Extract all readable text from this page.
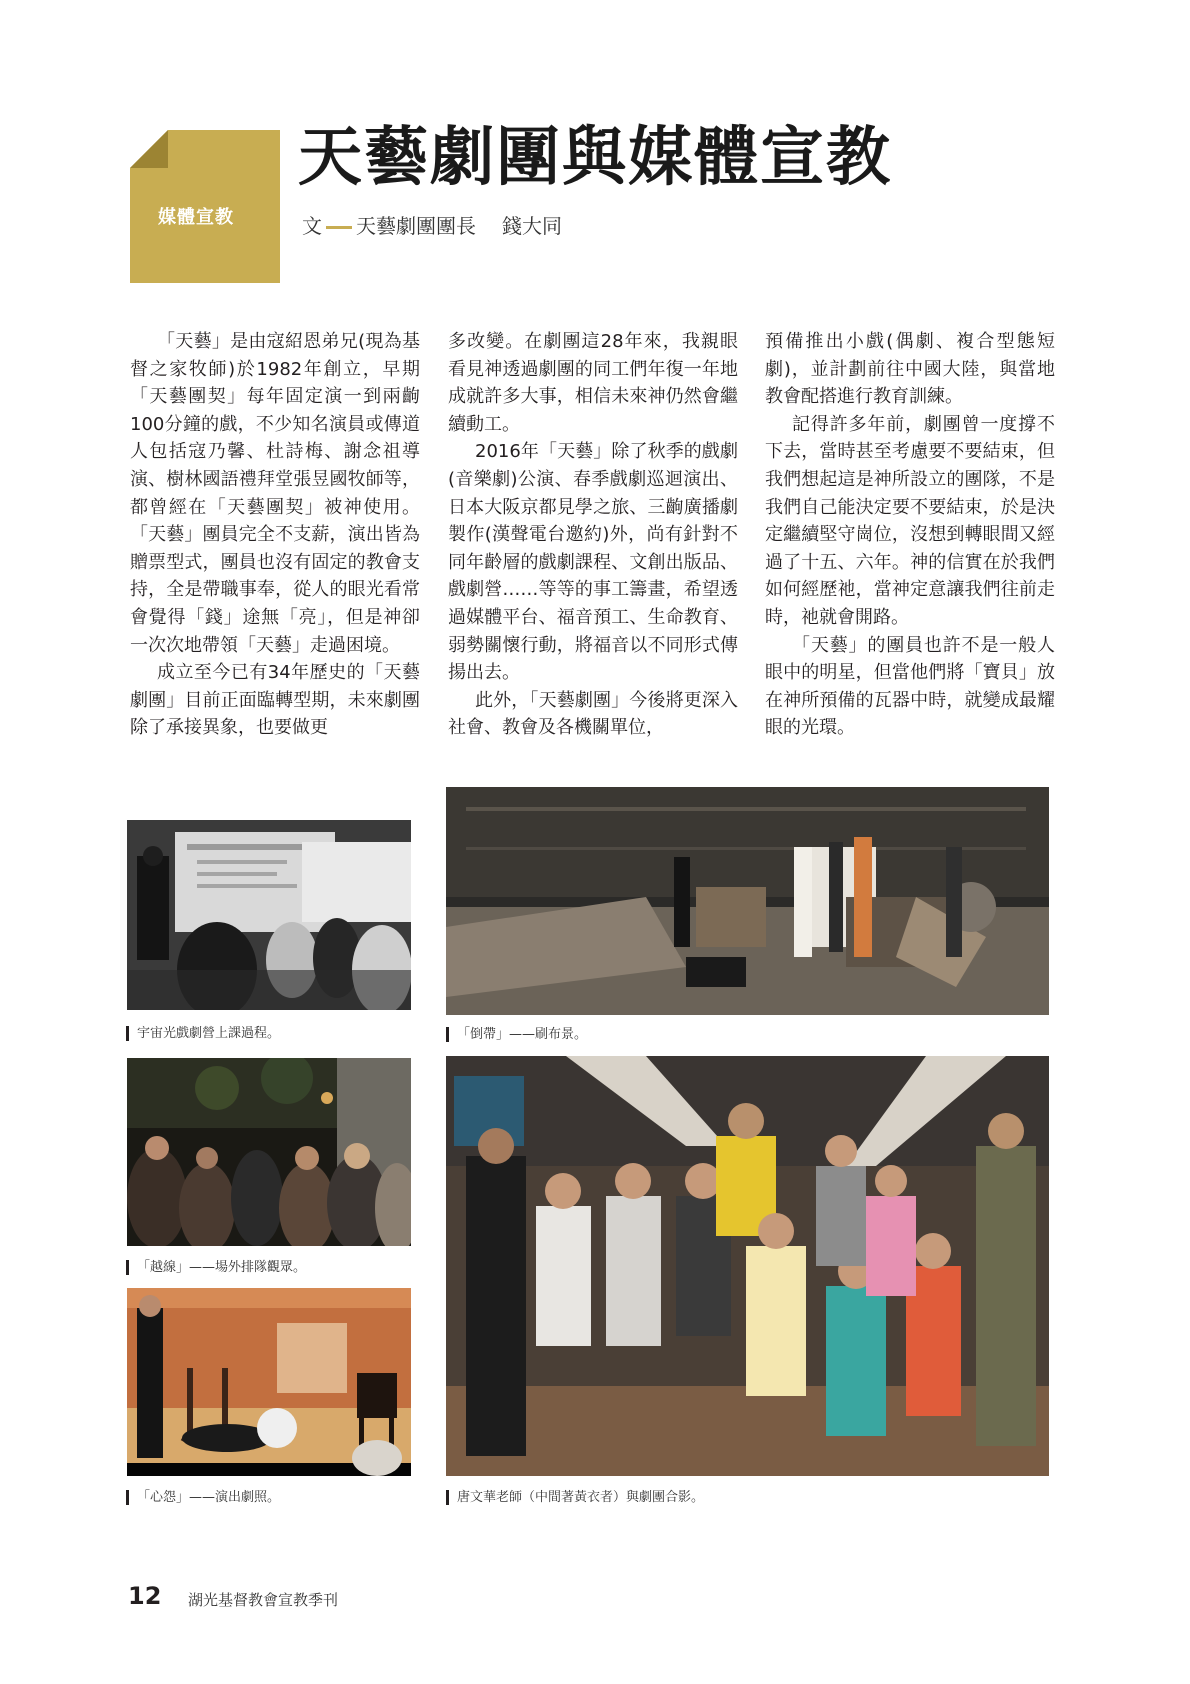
媒體宣教
天藝劇團與媒體宣教
文 天藝劇團團長 錢大同

「天藝」是由寇紹恩弟兄(現為基督之家牧師)於1982年創立，早期「天藝團契」每年固定演一到兩齣100分鐘的戲，不少知名演員或傳道人包括寇乃馨、杜詩梅、謝念祖導演、樹林國語禮拜堂張昱國牧師等，都曾經在「天藝團契」被神使用。「天藝」團員完全不支薪，演出皆為贈票型式，團員也沒有固定的教會支持，全是帶職事奉，從人的眼光看常會覺得「錢」途無「亮」，但是神卻一次次地帶領「天藝」走過困境。

成立至今已有34年歷史的「天藝劇團」目前正面臨轉型期，未來劇團除了承接異象，也要做更

多改變。在劇團這28年來，我親眼看見神透過劇團的同工們年復一年地成就許多大事，相信未來神仍然會繼續動工。

2016年「天藝」除了秋季的戲劇(音樂劇)公演、春季戲劇巡迴演出、日本大阪京都見學之旅、三齣廣播劇製作(漢聲電台邀約)外，尚有針對不同年齡層的戲劇課程、文創出版品、戲劇營……等等的事工籌畫，希望透過媒體平台、福音預工、生命教育、弱勢關懷行動，將福音以不同形式傳揚出去。

此外，「天藝劇團」今後將更深入社會、教會及各機關單位，

預備推出小戲(偶劇、複合型態短劇)，並計劃前往中國大陸，與當地教會配搭進行教育訓練。

記得許多年前，劇團曾一度撐不下去，當時甚至考慮要不要結束，但我們想起這是神所設立的團隊，不是我們自己能決定要不要結束，於是決定繼續堅守崗位，沒想到轉眼間又經過了十五、六年。神的信實在於我們如何經歷祂，當神定意讓我們往前走時，祂就會開路。

「天藝」的團員也許不是一般人眼中的明星，但當他們將「寶貝」放在神所預備的瓦器中時，就變成最耀眼的光環。

宇宙光戲劇營上課過程。	「倒帶」——刷布景。
「越線」——場外排隊觀眾。
「心怨」——演出劇照。	唐文華老師（中間著黃衣者）與劇團合影。
12 湖光基督教會宣教季刊
